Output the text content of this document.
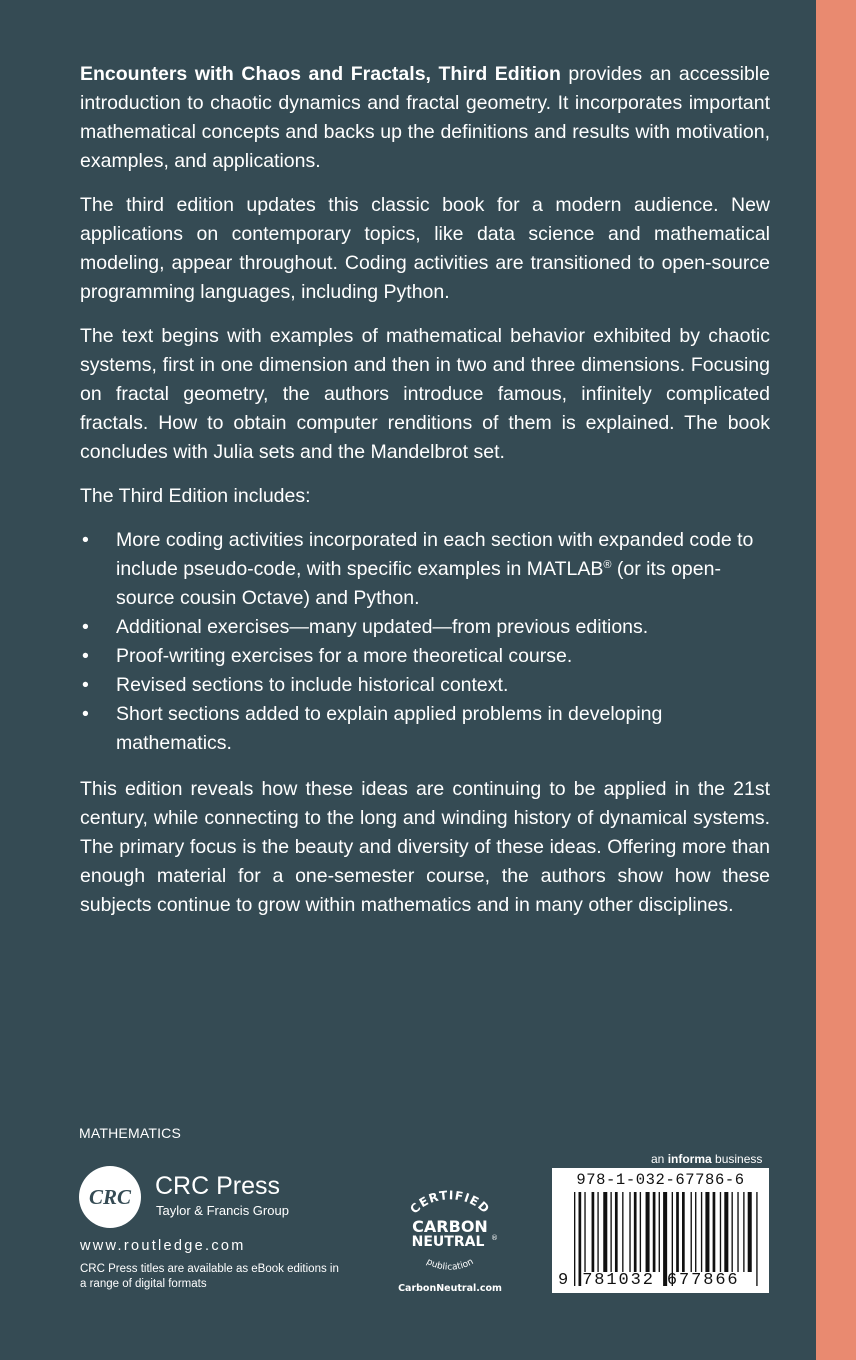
Encounters with Chaos and Fractals, Third Edition provides an accessible introduction to chaotic dynamics and fractal geometry. It incorporates important mathematical concepts and backs up the definitions and results with motivation, examples, and applications.

The third edition updates this classic book for a modern audience. New applications on contemporary topics, like data science and mathematical modeling, appear throughout. Coding activities are transitioned to open-source programming languages, including Python.

The text begins with examples of mathematical behavior exhibited by chaotic systems, first in one dimension and then in two and three dimensions. Focusing on fractal geometry, the authors introduce famous, infinitely complicated fractals. How to obtain computer renditions of them is explained. The book concludes with Julia sets and the Mandelbrot set.

The Third Edition includes:

• More coding activities incorporated in each section with expanded code to include pseudo-code, with specific examples in MATLAB® (or its open-source cousin Octave) and Python.
• Additional exercises—many updated—from previous editions.
• Proof-writing exercises for a more theoretical course.
• Revised sections to include historical context.
• Short sections added to explain applied problems in developing mathematics.

This edition reveals how these ideas are continuing to be applied in the 21st century, while connecting to the long and winding history of dynamical systems. The primary focus is the beauty and diversity of these ideas. Offering more than enough material for a one-semester course, the authors show how these subjects continue to grow within mathematics and in many other disciplines.

MATHEMATICS
CRC CRC Press
Taylor & Francis Group
www.routledge.com
CRC Press titles are available as eBook editions in a range of digital formats
CERTIFIED
CARBON
NEUTRAL ®
publication
CarbonNeutral.com
an informa business
978-1-032-67786-6
9 781032 677866
